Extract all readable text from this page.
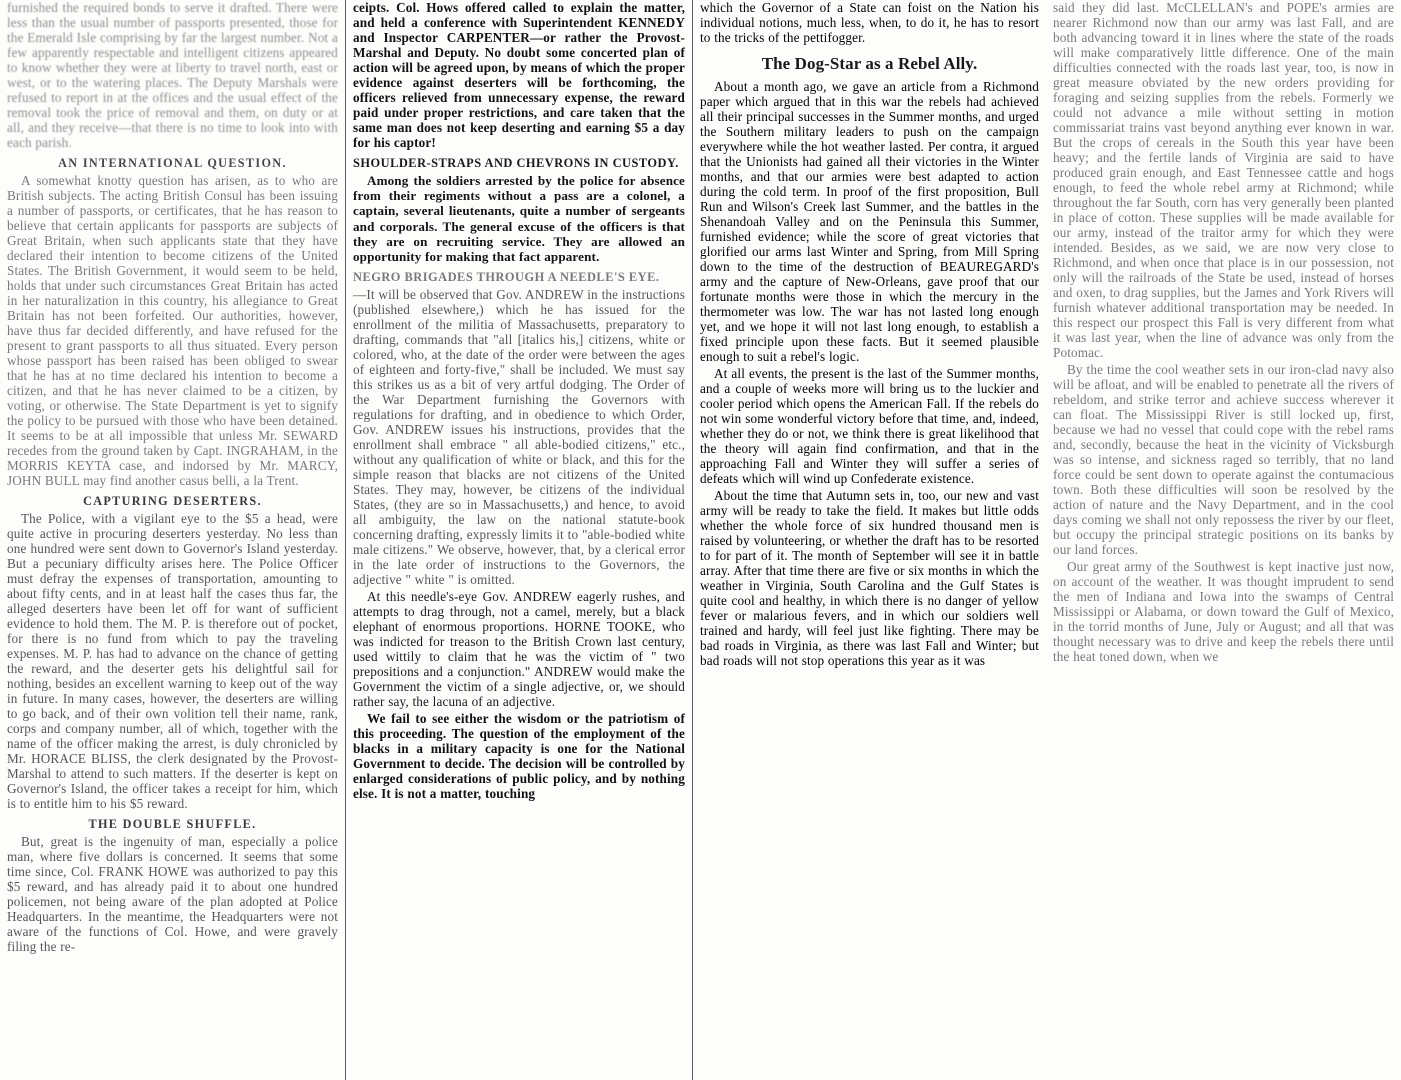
furnished the required bonds to serve it drafted. There were less than the usual number of passports presented, those for the Emerald Isle comprising by far the largest number. Not a few apparently respectable and intelligent citizens appeared to know whether they were at liberty to travel north, east or west, or to the watering places. The Deputy Marshals were refused to report in at the offices and the usual effect of the removal took the price of removal and them, on duty or at all, and they receive—that there is no time to look into with each parish.

AN INTERNATIONAL QUESTION.

A somewhat knotty question has arisen, as to who are British subjects. The acting British Consul has been issuing a number of passports, or certificates, that he has reason to believe that certain applicants for passports are subjects of Great Britain, when such applicants state that they have declared their intention to become citizens of the United States. The British Government, it would seem to be held, holds that under such circumstances Great Britain has acted in her naturalization in this country, his allegiance to Great Britain has not been forfeited. Our authorities, however, have thus far decided differently, and have refused for the present to grant passports to all thus situated. Every person whose passport has been raised has been obliged to swear that he has at no time declared his intention to become a citizen, and that he has never claimed to be a citizen, by voting, or otherwise. The State Department is yet to signify the policy to be pursued with those who have been detained. It seems to be at all impossible that unless Mr. SEWARD recedes from the ground taken by Capt. INGRAHAM, in the MORRIS KEYTA case, and indorsed by Mr. MARCY, JOHN BULL may find another casus belli, a la Trent.

CAPTURING DESERTERS.

The Police, with a vigilant eye to the $5 a head, were quite active in procuring deserters yesterday. No less than one hundred were sent down to Governor's Island yesterday. But a pecuniary difficulty arises here. The Police Officer must defray the expenses of transportation, amounting to about fifty cents, and in at least half the cases thus far, the alleged deserters have been let off for want of sufficient evidence to hold them. The M. P. is therefore out of pocket, for there is no fund from which to pay the traveling expenses. M. P. has had to advance on the chance of getting the reward, and the deserter gets his delightful sail for nothing, besides an excellent warning to keep out of the way in future. In many cases, however, the deserters are willing to go back, and of their own volition tell their name, rank, corps and company number, all of which, together with the name of the officer making the arrest, is duly chronicled by Mr. HORACE BLISS, the clerk designated by the Provost-Marshal to attend to such matters. If the deserter is kept on Governor's Island, the officer takes a receipt for him, which is to entitle him to his $5 reward.

THE DOUBLE SHUFFLE.

But, great is the ingenuity of man, especially a police man, where five dollars is concerned. It seems that some time since, Col. FRANK HOWE was authorized to pay this $5 reward, and has already paid it to about one hundred policemen, not being aware of the plan adopted at Police Headquarters. In the meantime, the Headquarters were not aware of the functions of Col. Howe, and were gravely filing the re-

ceipts. Col. Hows offered called to explain the matter, and held a conference with Superintendent KENNEDY and Inspector CARPENTER—or rather the Provost-Marshal and Deputy. No doubt some concerted plan of action will be agreed upon, by means of which the proper evidence against deserters will be forthcoming, the officers relieved from unnecessary expense, the reward paid under proper restrictions, and care taken that the same man does not keep deserting and earning $5 a day for his captor!

SHOULDER-STRAPS AND CHEVRONS IN CUSTODY.

Among the soldiers arrested by the police for absence from their regiments without a pass are a colonel, a captain, several lieutenants, quite a number of sergeants and corporals. The general excuse of the officers is that they are on recruiting service. They are allowed an opportunity for making that fact apparent.

NEGRO BRIGADES THROUGH A NEEDLE'S EYE.

—It will be observed that Gov. ANDREW in the instructions (published elsewhere,) which he has issued for the enrollment of the militia of Massachusetts, preparatory to drafting, commands that "all [italics his,] citizens, white or colored, who, at the date of the order were between the ages of eighteen and forty-five," shall be included. We must say this strikes us as a bit of very artful dodging. The Order of the War Department furnishing the Governors with regulations for drafting, and in obedience to which Order, Gov. ANDREW issues his instructions, provides that the enrollment shall embrace " all able-bodied citizens," etc., without any qualification of white or black, and this for the simple reason that blacks are not citizens of the United States. They may, however, be citizens of the individual States, (they are so in Massachusetts,) and hence, to avoid all ambiguity, the law on the national statute-book concerning drafting, expressly limits it to "able-bodied white male citizens." We observe, however, that, by a clerical error in the late order of instructions to the Governors, the adjective " white " is omitted.

At this needle's-eye Gov. ANDREW eagerly rushes, and attempts to drag through, not a camel, merely, but a black elephant of enormous proportions. HORNE TOOKE, who was indicted for treason to the British Crown last century, used wittily to claim that he was the victim of " two prepositions and a conjunction." ANDREW would make the Government the victim of a single adjective, or, we should rather say, the lacuna of an adjective.

We fail to see either the wisdom or the patriotism of this proceeding. The question of the employment of the blacks in a military capacity is one for the National Government to decide. The decision will be controlled by enlarged considerations of public policy, and by nothing else. It is not a matter, touching

which the Governor of a State can foist on the Nation his individual notions, much less, when, to do it, he has to resort to the tricks of the pettifogger.

The Dog-Star as a Rebel Ally.

About a month ago, we gave an article from a Richmond paper which argued that in this war the rebels had achieved all their principal successes in the Summer months, and urged the Southern military leaders to push on the campaign everywhere while the hot weather lasted. Per contra, it argued that the Unionists had gained all their victories in the Winter months, and that our armies were best adapted to action during the cold term. In proof of the first proposition, Bull Run and Wilson's Creek last Summer, and the battles in the Shenandoah Valley and on the Peninsula this Summer, furnished evidence; while the score of great victories that glorified our arms last Winter and Spring, from Mill Spring down to the time of the destruction of BEAUREGARD's army and the capture of New-Orleans, gave proof that our fortunate months were those in which the mercury in the thermometer was low. The war has not lasted long enough yet, and we hope it will not last long enough, to establish a fixed principle upon these facts. But it seemed plausible enough to suit a rebel's logic.

At all events, the present is the last of the Summer months, and a couple of weeks more will bring us to the luckier and cooler period which opens the American Fall. If the rebels do not win some wonderful victory before that time, and, indeed, whether they do or not, we think there is great likelihood that the theory will again find confirmation, and that in the approaching Fall and Winter they will suffer a series of defeats which will wind up Confederate existence.

About the time that Autumn sets in, too, our new and vast army will be ready to take the field. It makes but little odds whether the whole force of six hundred thousand men is raised by volunteering, or whether the draft has to be resorted to for part of it. The month of September will see it in battle array. After that time there are five or six months in which the weather in Virginia, South Carolina and the Gulf States is quite cool and healthy, in which there is no danger of yellow fever or malarious fevers, and in which our soldiers well trained and hardy, will feel just like fighting. There may be bad roads in Virginia, as there was last Fall and Winter; but bad roads will not stop operations this year as it was

said they did last. McCLELLAN's and POPE's armies are nearer Richmond now than our army was last Fall, and are both advancing toward it in lines where the state of the roads will make comparatively little difference. One of the main difficulties connected with the roads last year, too, is now in great measure obviated by the new orders providing for foraging and seizing supplies from the rebels. Formerly we could not advance a mile without setting in motion commissariat trains vast beyond anything ever known in war. But the crops of cereals in the South this year have been heavy; and the fertile lands of Virginia are said to have produced grain enough, and East Tennessee cattle and hogs enough, to feed the whole rebel army at Richmond; while throughout the far South, corn has very generally been planted in place of cotton. These supplies will be made available for our army, instead of the traitor army for which they were intended. Besides, as we said, we are now very close to Richmond, and when once that place is in our possession, not only will the railroads of the State be used, instead of horses and oxen, to drag supplies, but the James and York Rivers will furnish whatever additional transportation may be needed. In this respect our prospect this Fall is very different from what it was last year, when the line of advance was only from the Potomac.

By the time the cool weather sets in our iron-clad navy also will be afloat, and will be enabled to penetrate all the rivers of rebeldom, and strike terror and achieve success wherever it can float. The Mississippi River is still locked up, first, because we had no vessel that could cope with the rebel rams and, secondly, because the heat in the vicinity of Vicksburgh was so intense, and sickness raged so terribly, that no land force could be sent down to operate against the contumacious town. Both these difficulties will soon be resolved by the action of nature and the Navy Department, and in the cool days coming we shall not only repossess the river by our fleet, but occupy the principal strategic positions on its banks by our land forces.

Our great army of the Southwest is kept inactive just now, on account of the weather. It was thought imprudent to send the men of Indiana and Iowa into the swamps of Central Mississippi or Alabama, or down toward the Gulf of Mexico, in the torrid months of June, July or August; and all that was thought necessary was to drive and keep the rebels there until the heat toned down, when we
